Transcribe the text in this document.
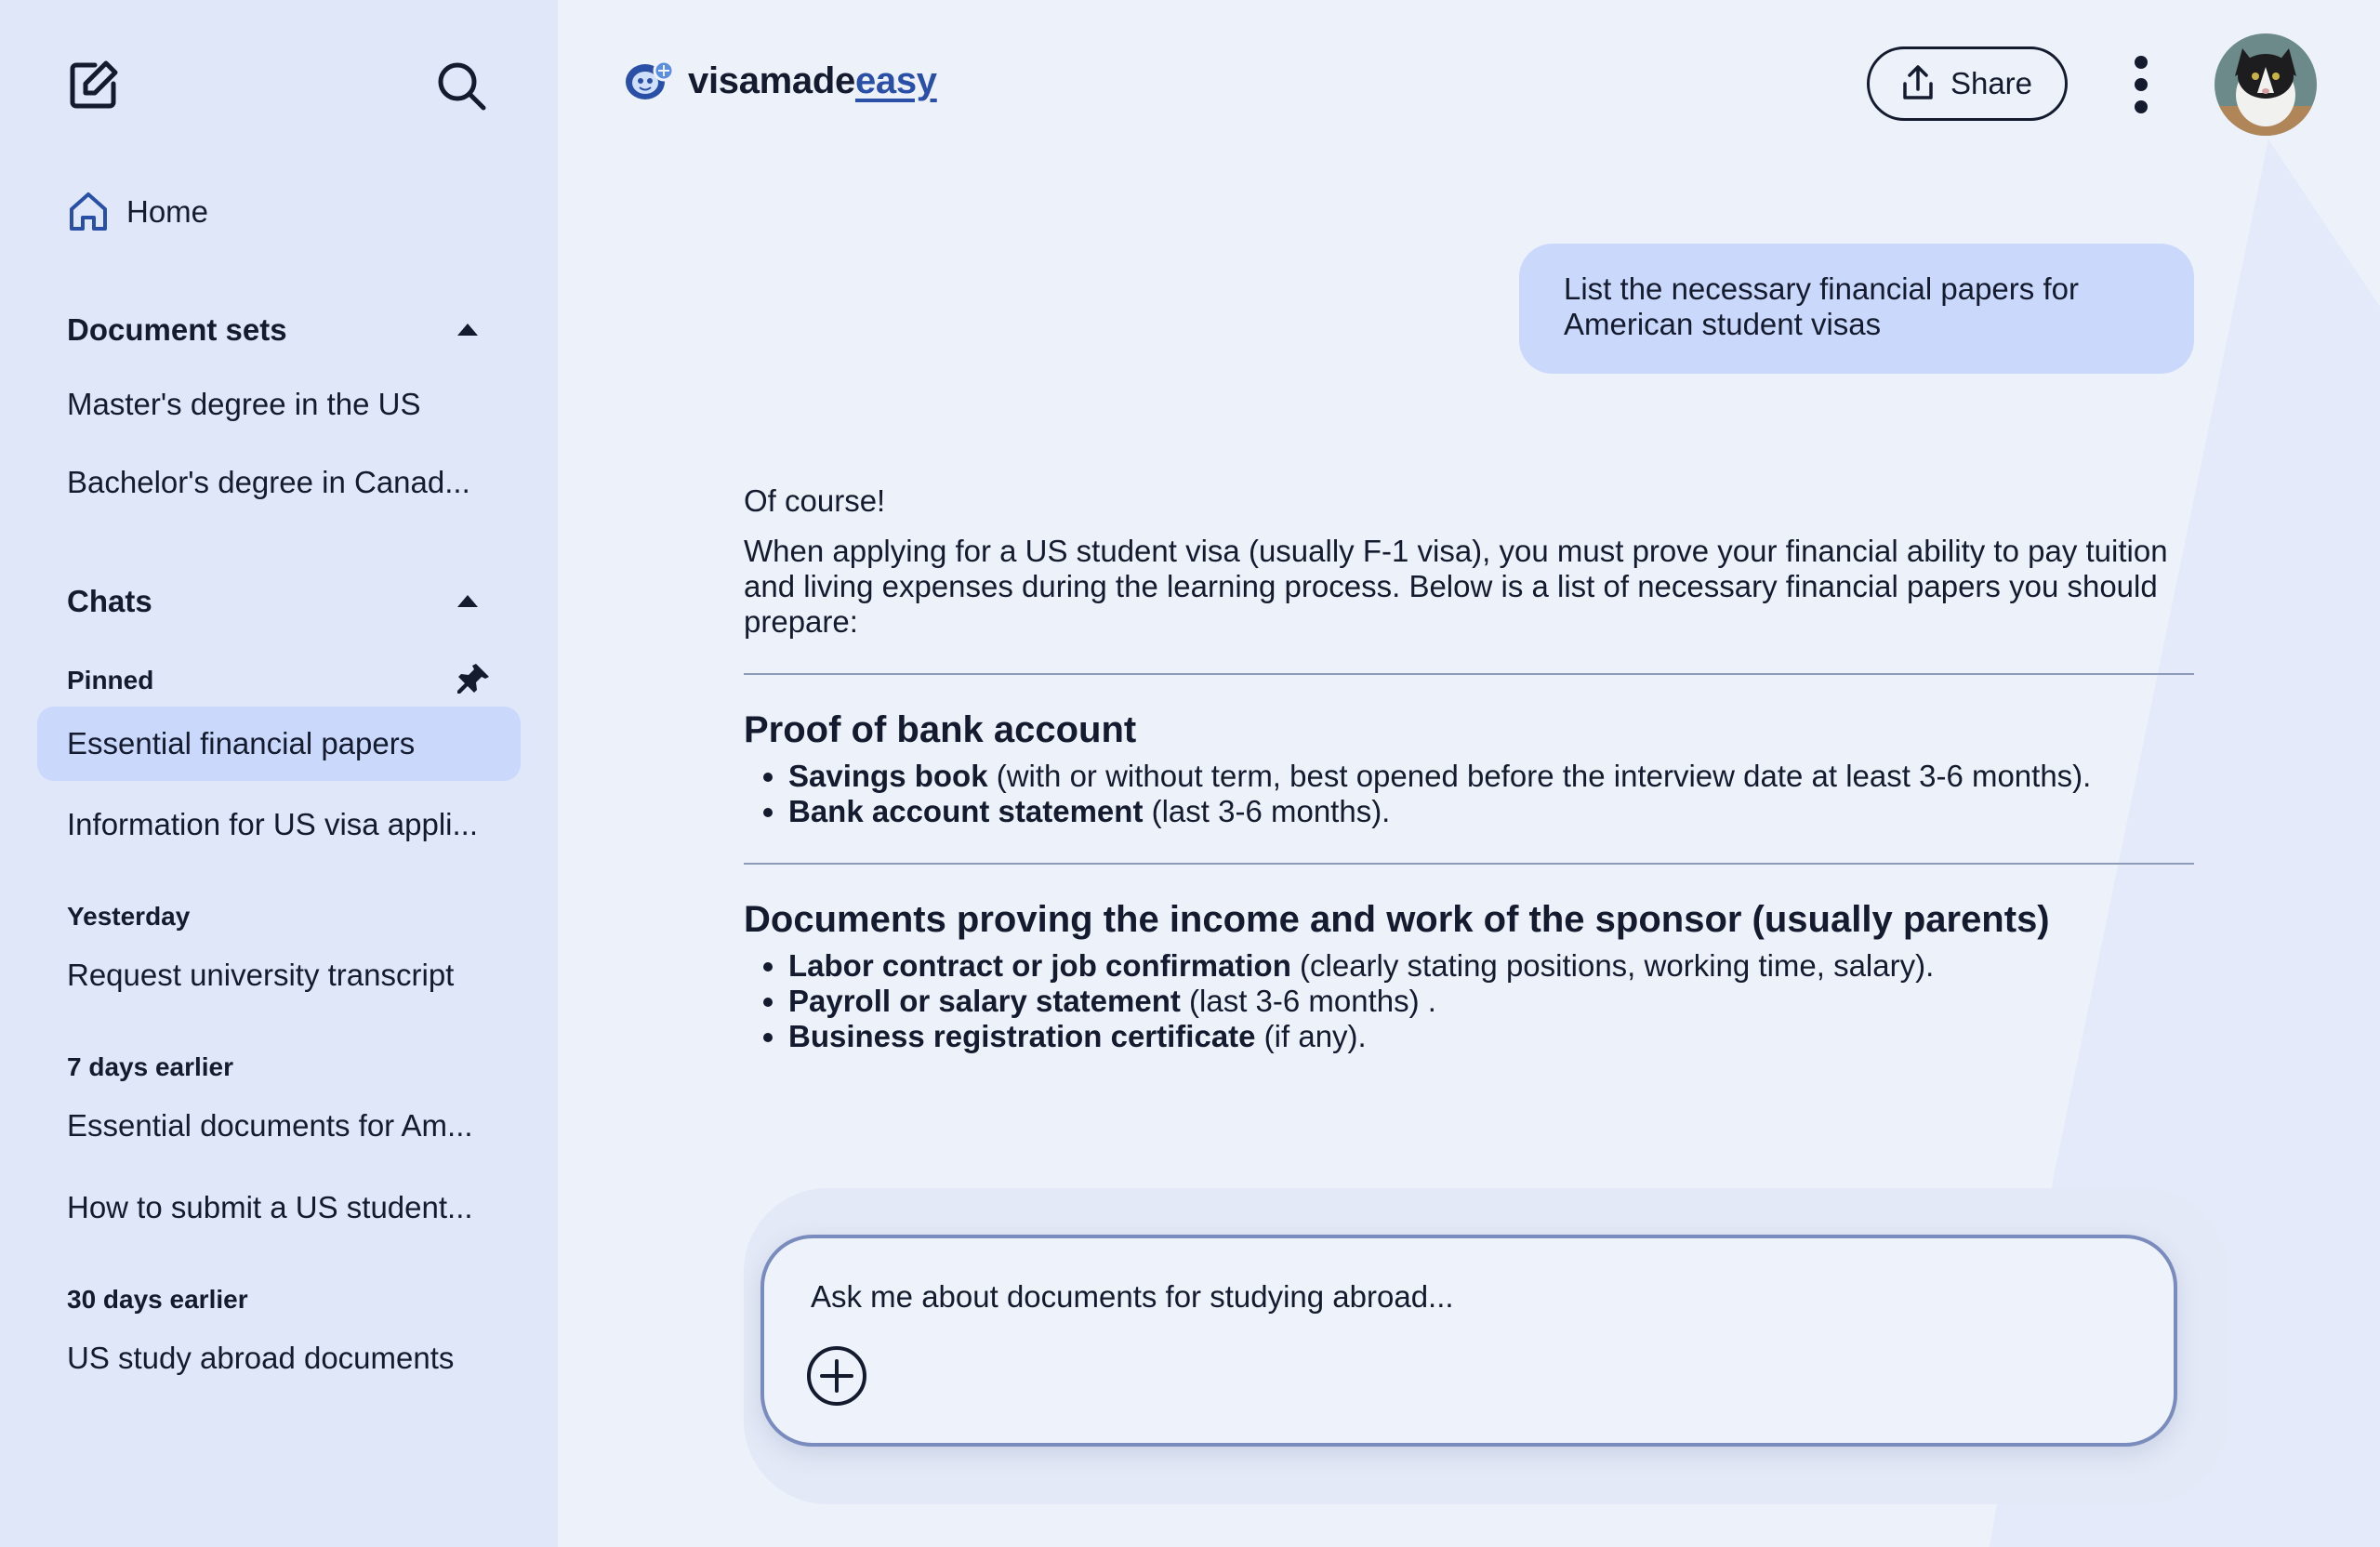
Home
Document sets
Master's degree in the US
Bachelor's degree in Canad...
Chats
Pinned
Essential financial papers
Information for US visa appli...
Yesterday
Request university transcript
7 days earlier
Essential documents for Am...
How to submit a US student...
30 days earlier
US study abroad documents
visamadeeasy	Share
List the necessary financial papers for American student visas

Of course!

When applying for a US student visa (usually F-1 visa), you must prove your financial ability to pay tuition and living expenses during the learning process. Below is a list of necessary financial papers you should prepare:

Proof of bank account
• Savings book (with or without term, best opened before the interview date at least 3-6 months).
• Bank account statement (last 3-6 months).
Documents proving the income and work of the sponsor (usually parents)
• Labor contract or job confirmation (clearly stating positions, working time, salary).
• Payroll or salary statement (last 3-6 months) .
• Business registration certificate (if any).
Ask me about documents for studying abroad...
